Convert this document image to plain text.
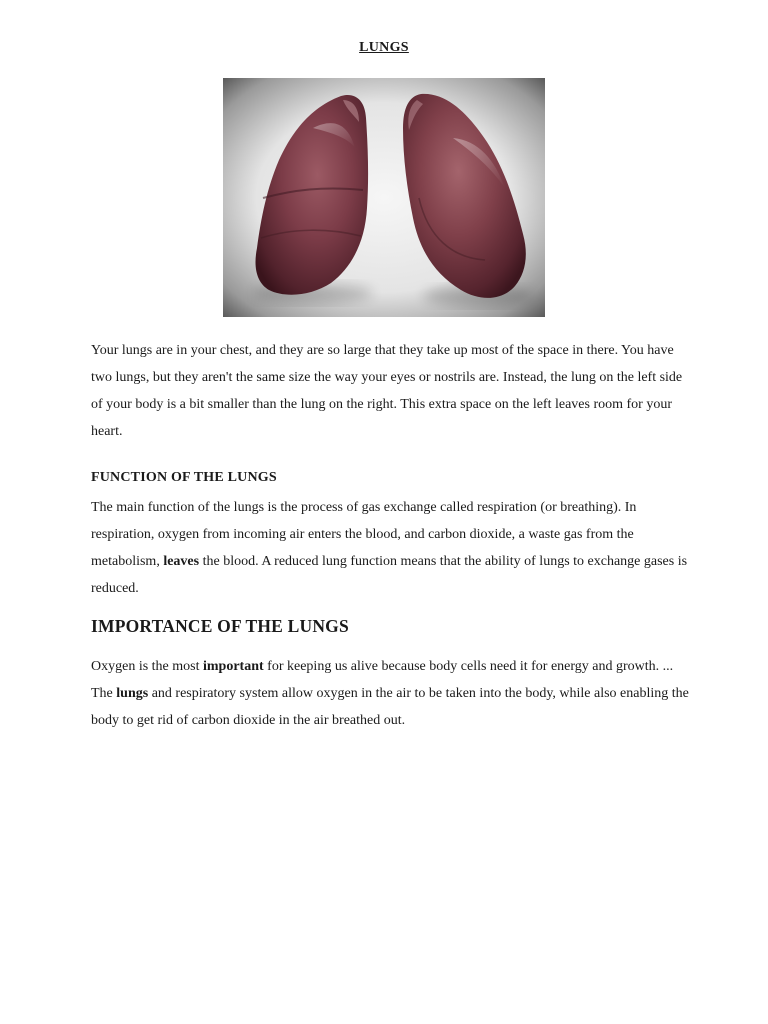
LUNGS

Your lungs are in your chest, and they are so large that they take up most of the space in there. You have two lungs, but they aren't the same size the way your eyes or nostrils are. Instead, the lung on the left side of your body is a bit smaller than the lung on the right. This extra space on the left leaves room for your heart.

FUNCTION OF THE LUNGS

The main function of the lungs is the process of gas exchange called respiration (or breathing). In respiration, oxygen from incoming air enters the blood, and carbon dioxide, a waste gas from the metabolism, leaves the blood. A reduced lung function means that the ability of lungs to exchange gases is reduced.

IMPORTANCE OF THE LUNGS

Oxygen is the most important for keeping us alive because body cells need it for energy and growth. ... The lungs and respiratory system allow oxygen in the air to be taken into the body, while also enabling the body to get rid of carbon dioxide in the air breathed out.
